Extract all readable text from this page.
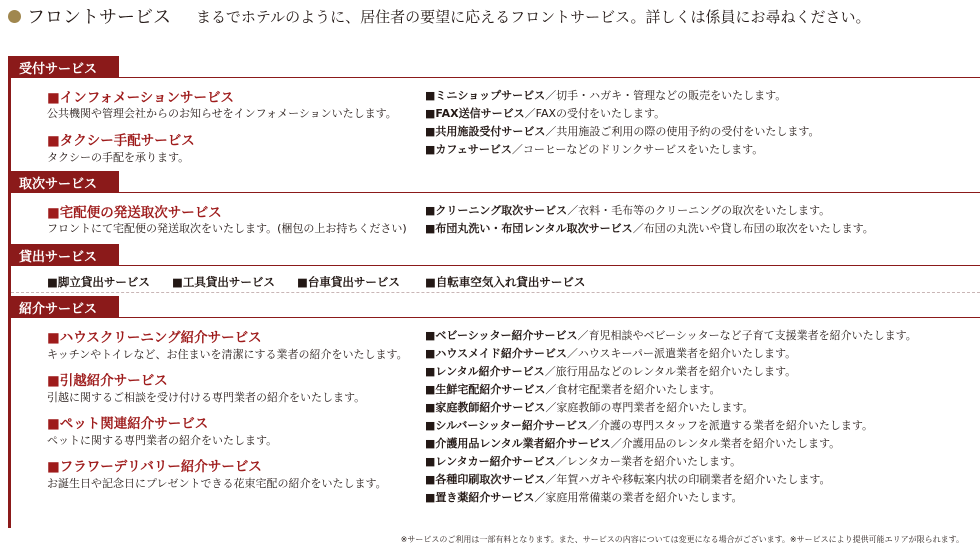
フロントサービス まるでホテルのように、居住者の要望に応えるフロントサービス。詳しくは係員にお尋ねください。
受付サービス
■インフォメーションサービス
公共機関や管理会社からのお知らせをインフォメーションいたします。
■タクシー手配サービス
タクシーの手配を承ります。
■ミニショップサービス／切手・ハガキ・管理などの販売をいたします。
■FAX送信サービス／FAXの受付をいたします。
■共用施設受付サービス／共用施設ご利用の際の使用予約の受付をいたします。
■カフェサービス／コーヒーなどのドリンクサービスをいたします。
取次サービス
■宅配便の発送取次サービス
フロントにて宅配便の発送取次をいたします。(梱包の上お持ちください)
■クリーニング取次サービス／衣料・毛布等のクリーニングの取次をいたします。
■布団丸洗い・布団レンタル取次サービス／布団の丸洗いや貸し布団の取次をいたします。
貸出サービス
■脚立貸出サービス ■工具貸出サービス ■台車貸出サービス ■自転車空気入れ貸出サービス
紹介サービス
■ハウスクリーニング紹介サービス
キッチンやトイレなど、お住まいを清潔にする業者の紹介をいたします。
■引越紹介サービス
引越に関するご相談を受け付ける専門業者の紹介をいたします。
■ペット関連紹介サービス
ペットに関する専門業者の紹介をいたします。
■フラワーデリバリー紹介サービス
お誕生日や記念日にプレゼントできる花束宅配の紹介をいたします。
■ベビーシッター紹介サービス／育児相談やベビーシッターなど子育て支援業者を紹介いたします。
■ハウスメイド紹介サービス／ハウスキーパー派遣業者を紹介いたします。
■レンタル紹介サービス／旅行用品などのレンタル業者を紹介いたします。
■生鮮宅配紹介サービス／食材宅配業者を紹介いたします。
■家庭教師紹介サービス／家庭教師の専門業者を紹介いたします。
■シルバーシッター紹介サービス／介護の専門スタッフを派遣する業者を紹介いたします。
■介護用品レンタル業者紹介サービス／介護用品のレンタル業者を紹介いたします。
■レンタカー紹介サービス／レンタカー業者を紹介いたします。
■各種印刷取次サービス／年賀ハガキや移転案内状の印刷業者を紹介いたします。
■置き薬紹介サービス／家庭用常備薬の業者を紹介いたします。
※サービスのご利用は一部有料となります。また、サービスの内容については変更になる場合がございます。※サービスにより提供可能エリアが限られます。
